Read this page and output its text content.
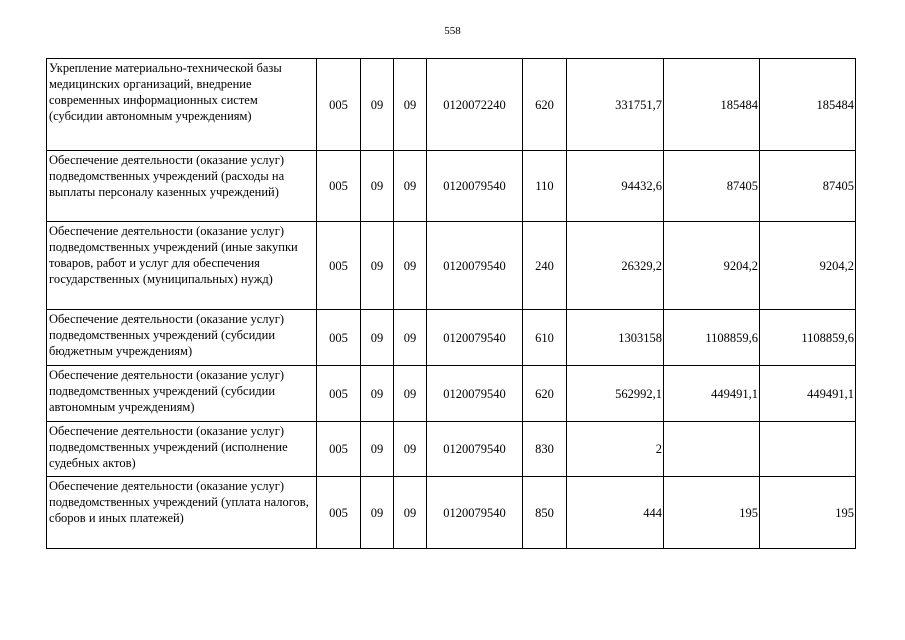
558
Укрепление материально-технической базы медицинских организаций, внедрение современных информационных систем (субсидии автономным учреждениям)	005	09	09	0120072240	620	331751,7	185484	185484
Обеспечение деятельности (оказание услуг) подведомственных учреждений (расходы на выплаты персоналу казенных учреждений)	005	09	09	0120079540	110	94432,6	87405	87405
Обеспечение деятельности (оказание услуг) подведомственных учреждений (иные закупки товаров, работ и услуг для обеспечения государственных (муниципальных) нужд)	005	09	09	0120079540	240	26329,2	9204,2	9204,2
Обеспечение деятельности (оказание услуг) подведомственных учреждений (субсидии бюджетным учреждениям)	005	09	09	0120079540	610	1303158	1108859,6	1108859,6
Обеспечение деятельности (оказание услуг) подведомственных учреждений (субсидии автономным учреждениям)	005	09	09	0120079540	620	562992,1	449491,1	449491,1
Обеспечение деятельности (оказание услуг) подведомственных учреждений (исполнение судебных актов)	005	09	09	0120079540	830	2		
Обеспечение деятельности (оказание услуг) подведомственных учреждений (уплата налогов, сборов и иных платежей)	005	09	09	0120079540	850	444	195	195
